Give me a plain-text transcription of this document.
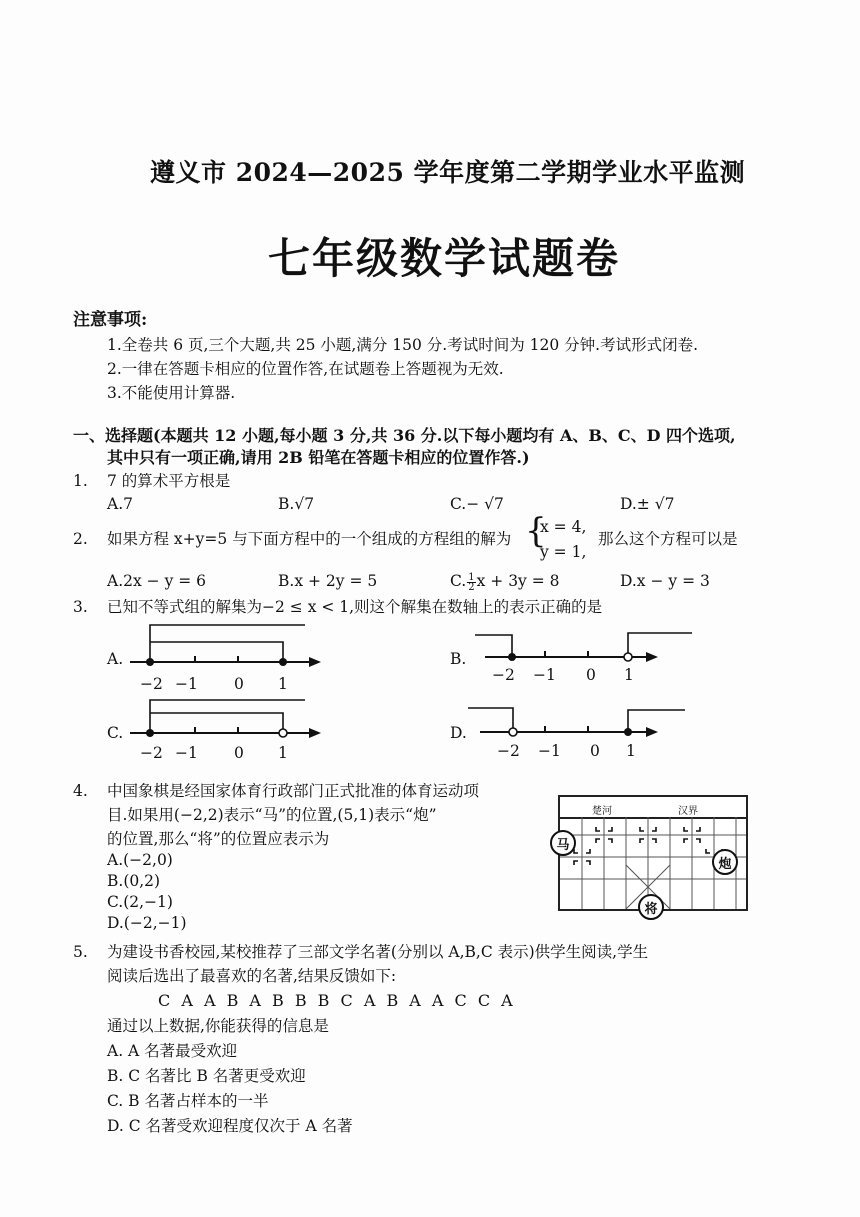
遵义市 2024—2025 学年度第二学期学业水平监测
七年级数学试题卷
注意事项:
1.全卷共 6 页,三个大题,共 25 小题,满分 150 分.考试时间为 120 分钟.考试形式闭卷.
2.一律在答题卡相应的位置作答,在试题卷上答题视为无效.
3.不能使用计算器.
一、选择题(本题共 12 小题,每小题 3 分,共 36 分.以下每小题均有 A、B、C、D 四个选项,
其中只有一项正确,请用 2B 铅笔在答题卡相应的位置作答.)
1. 7 的算术平方根是
A.7	B.√7	C.− √7	D.± √7
2. 如果方程 x+y=5 与下面方程中的一个组成的方程组的解为 {
x = 4,
y = 1,
那么这个方程可以是
A.2x − y = 6	B.x + 2y = 5	C. $\frac{1}{2}$ x + 3y = 8	D.x − y = 3
3. 已知不等式组的解集为−2 ≤ x < 1,则这个解集在数轴上的表示正确的是
A.
−2 −1 0 1
B.
−2 −1 0 1
C.
−2 −1 0 1
D.
−2 −1 0 1
4. 中国象棋是经国家体育行政部门正式批准的体育运动项
目.如果用(−2,2)表示“马”的位置,(5,1)表示“炮”
的位置,那么“将”的位置应表示为
A.(−2,0)
B.(0,2)
C.(2,−1)
D.(−2,−1)
楚河	汉界
马
炮
将
5. 为建设书香校园,某校推荐了三部文学名著(分别以 A,B,C 表示)供学生阅读,学生
阅读后选出了最喜欢的名著,结果反馈如下:
C  A  A  B  A  B  B  B  C  A  B  A  A  C  C  A
通过以上数据,你能获得的信息是
A. A 名著最受欢迎
B. C 名著比 B 名著更受欢迎
C. B 名著占样本的一半
D. C 名著受欢迎程度仅次于 A 名著
